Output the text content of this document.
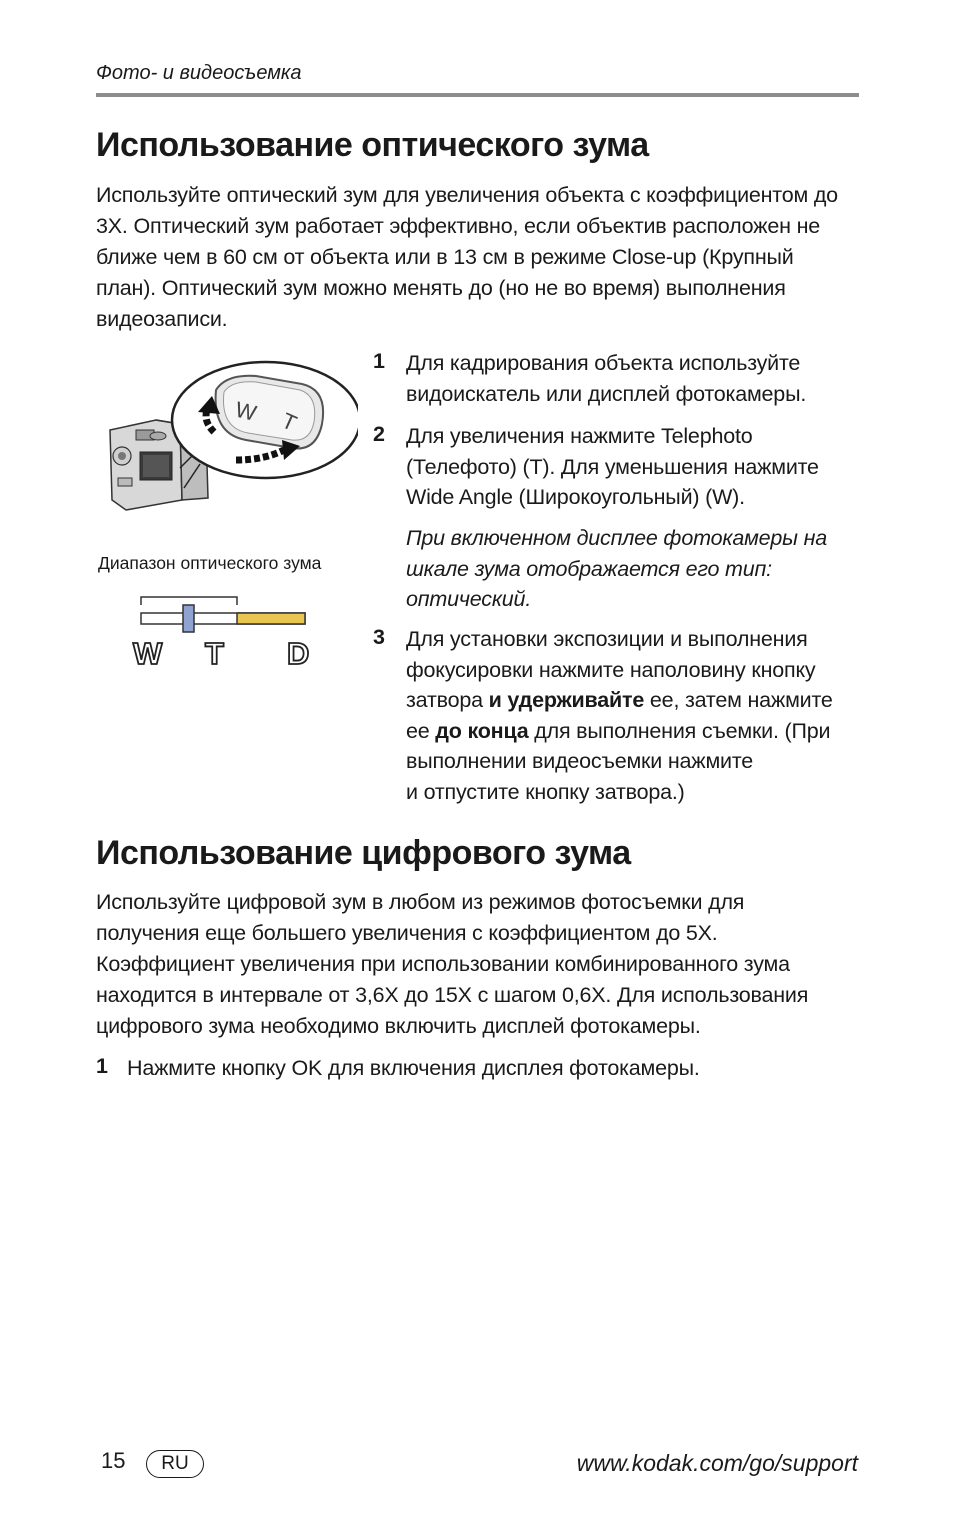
Фото- и видеосъемка
Использование оптического зума
Используйте оптический зум для увеличения объекта с коэффициентом до
3X. Оптический зум работает эффективно, если объектив расположен не
ближе чем в 60 см от объекта или в 13 см в режиме Close-up (Крупный
план). Оптический зум можно менять до (но не во время) выполнения
видеозаписи.
W T
Диапазон оптического зума
W T D
1 Для кадрирования объекта используйте
видоискатель или дисплей фотокамеры.
2 Для увеличения нажмите Telephoto
(Телефото) (T). Для уменьшения нажмите
Wide Angle (Широкоугольный) (W).
При включенном дисплее фотокамеры на
шкале зума отображается его тип:
оптический.
3 Для установки экспозиции и выполнения
фокусировки нажмите наполовину кнопку
затвора и удерживайте ее, затем нажмите
ее до конца для выполнения съемки. (При
выполнении видеосъемки нажмите
и отпустите кнопку затвора.)
Использование цифрового зума
Используйте цифровой зум в любом из режимов фотосъемки для
получения еще большего увеличения с коэффициентом до 5X.
Коэффициент увеличения при использовании комбинированного зума
находится в интервале от 3,6X до 15X с шагом 0,6X. Для использования
цифрового зума необходимо включить дисплей фотокамеры.
1 Нажмите кнопку OK для включения дисплея фотокамеры.
15	RU	www.kodak.com/go/support
